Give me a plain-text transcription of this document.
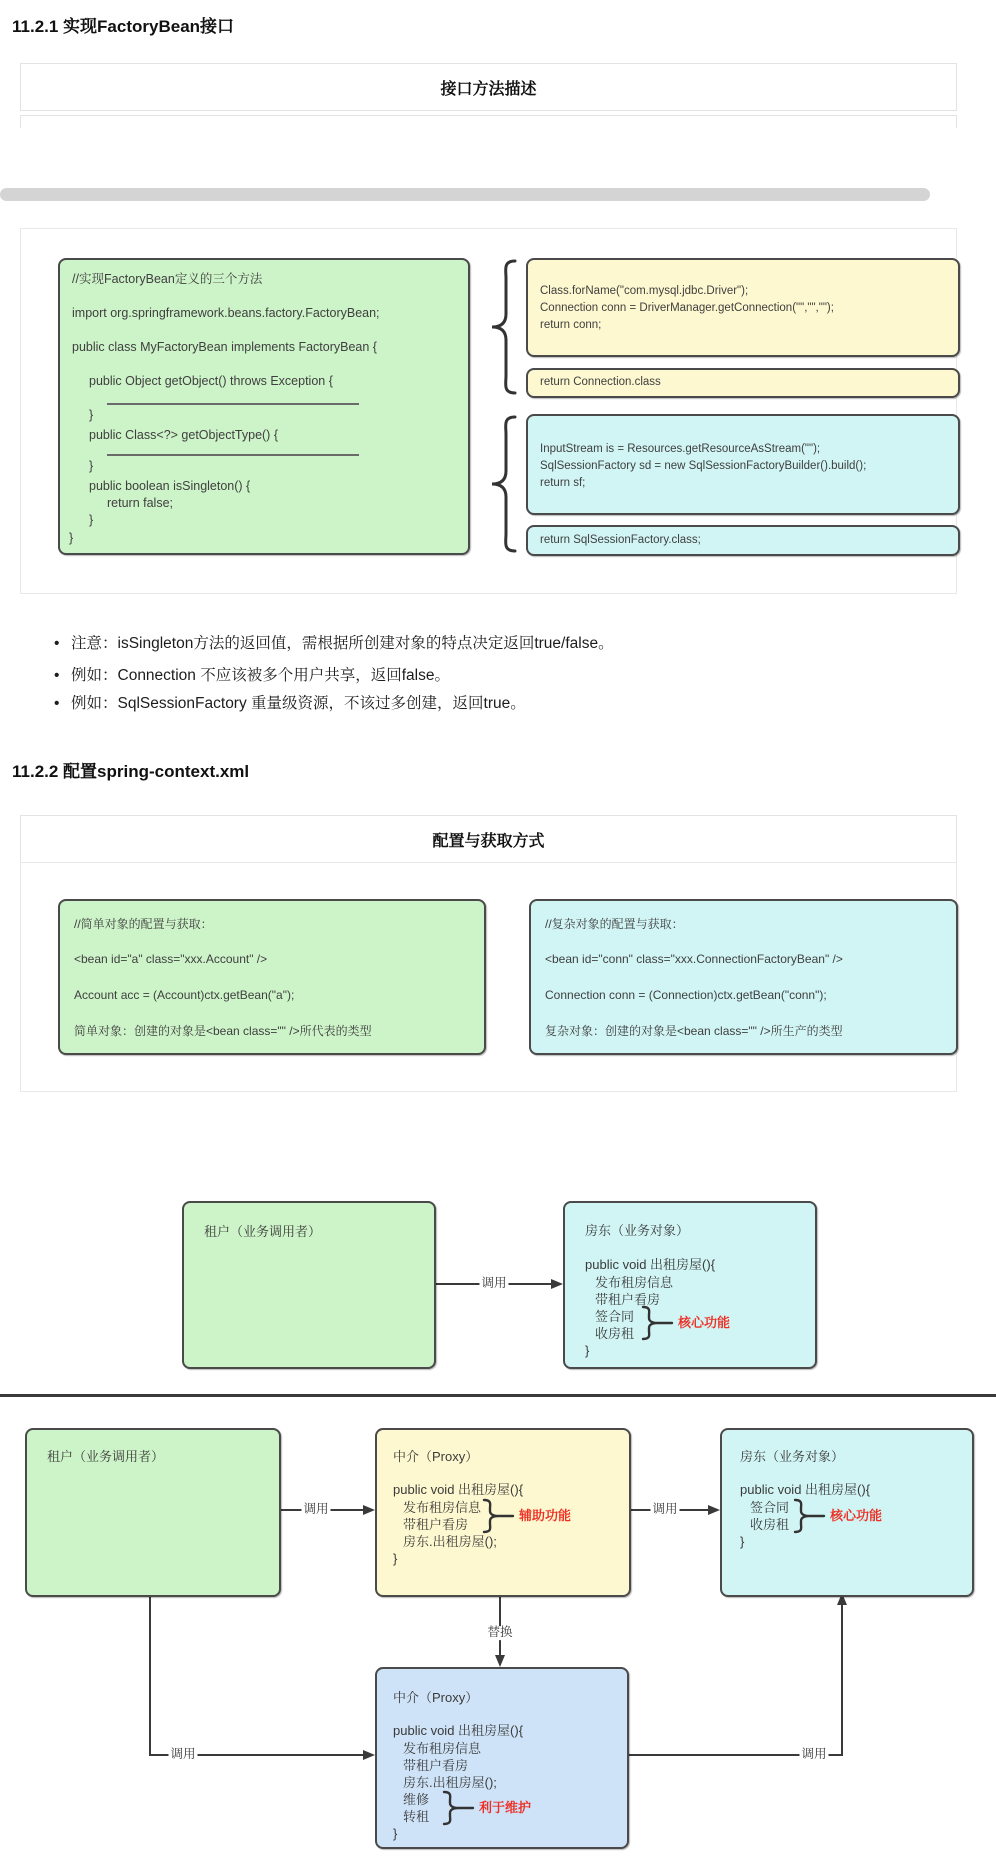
11.2.1 实现FactoryBean接口
接口方法描述
//实现FactoryBean定义的三个方法
import org.springframework.beans.factory.FactoryBean;
public class MyFactoryBean implements FactoryBean {
public Object getObject() throws Exception {
}
public Class<?> getObjectType() {
}
public boolean isSingleton() {
return false;
}
}
Class.forName("com.mysql.jdbc.Driver");
Connection conn = DriverManager.getConnection("","","");
return conn;
return Connection.class
InputStream is = Resources.getResourceAsStream("");
SqlSessionFactory sd = new SqlSessionFactoryBuilder().build();
return sf;
return SqlSessionFactory.class;
• 注意：isSingleton方法的返回值，需根据所创建对象的特点决定返回true/false。
• 例如：Connection 不应该被多个用户共享，返回false。
• 例如：SqlSessionFactory 重量级资源，不该过多创建，返回true。
11.2.2 配置spring-context.xml
配置与获取方式
//简单对象的配置与获取：
<bean id="a" class="xxx.Account" />
Account acc = (Account)ctx.getBean("a");
简单对象：创建的对象是<bean class="" />所代表的类型
//复杂对象的配置与获取：
<bean id="conn" class="xxx.ConnectionFactoryBean" />
Connection conn = (Connection)ctx.getBean("conn");
复杂对象：创建的对象是<bean class="" />所生产的类型
调用
租户（业务调用者）	房东（业务对象）
public void 出租房屋(){
发布租房信息
带租户看房
签合同
收房租
}
核心功能
调用	调用
替换
调用	调用
租户（业务调用者）	中介（Proxy）
public void 出租房屋(){
发布租房信息
带租户看房
房东.出租房屋();
}
辅助功能
房东（业务对象）
public void 出租房屋(){
签合同
收房租
}
核心功能
中介（Proxy）
public void 出租房屋(){
发布租房信息
带租户看房
房东.出租房屋();
维修
转租
}
利于维护
